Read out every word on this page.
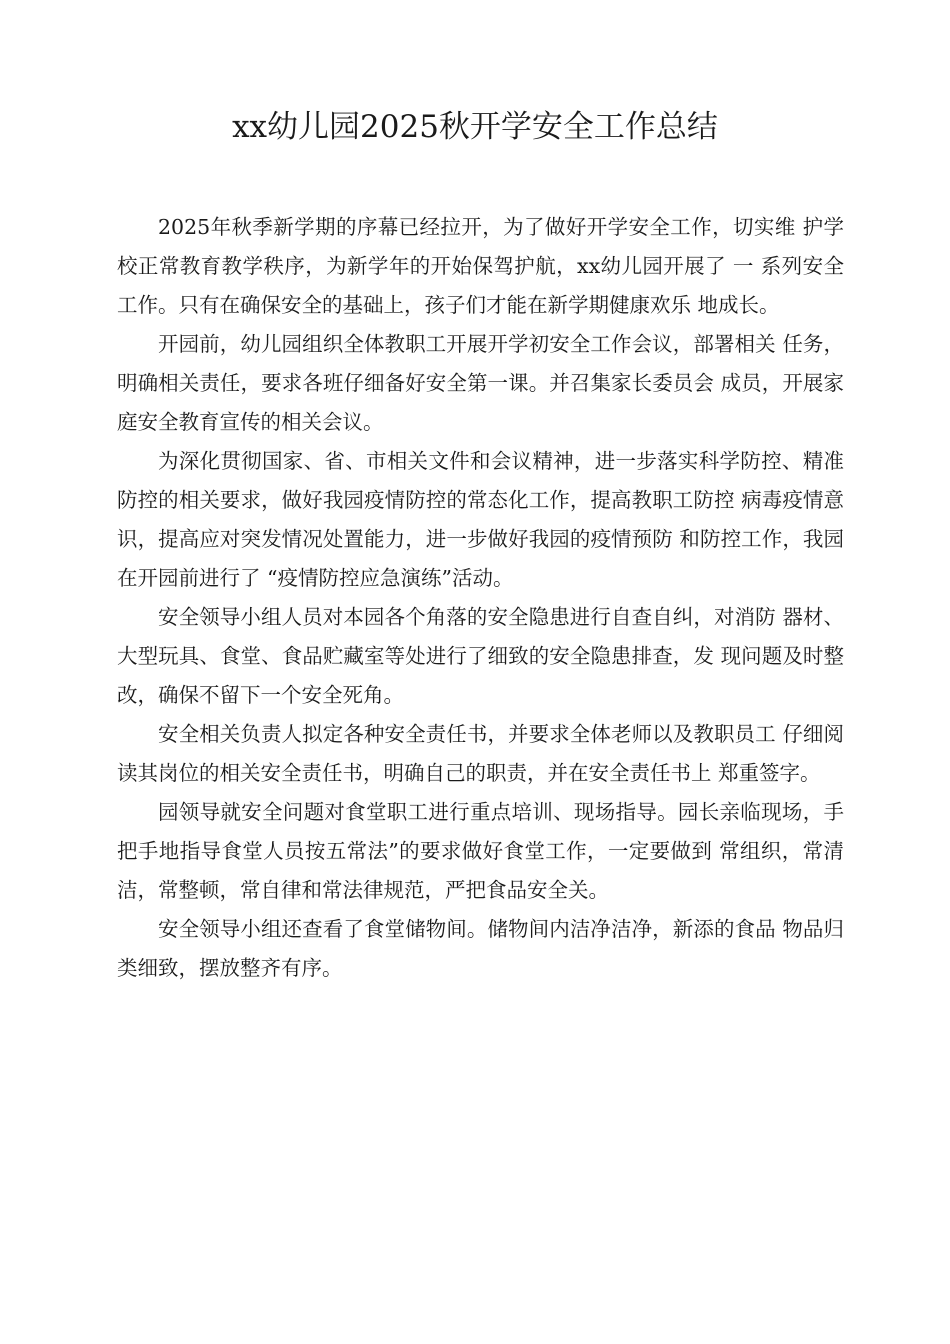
xx幼儿园2025秋开学安全工作总结

2025年秋季新学期的序幕已经拉开，为了做好开学安全工作，切实维 护学校正常教育教学秩序，为新学年的开始保驾护航，xx幼儿园开展了 一 系列安全工作。只有在确保安全的基础上，孩子们才能在新学期健康欢乐 地成长。

开园前，幼儿园组织全体教职工开展开学初安全工作会议，部署相关 任务，明确相关责任，要求各班仔细备好安全第一课。并召集家长委员会 成员，开展家庭安全教育宣传的相关会议。

为深化贯彻国家、省、市相关文件和会议精神，进一步落实科学防控、精准防控的相关要求，做好我园疫情防控的常态化工作，提高教职工防控 病毒疫情意识，提高应对突发情况处置能力，进一步做好我园的疫情预防 和防控工作，我园在开园前进行了 “疫情防控应急演练”活动。

安全领导小组人员对本园各个角落的安全隐患进行自查自纠，对消防 器材、大型玩具、食堂、食品贮藏室等处进行了细致的安全隐患排查，发 现问题及时整改，确保不留下一个安全死角。

安全相关负责人拟定各种安全责任书，并要求全体老师以及教职员工 仔细阅读其岗位的相关安全责任书，明确自己的职责，并在安全责任书上 郑重签字。

园领导就安全问题对食堂职工进行重点培训、现场指导。园长亲临现场，手把手地指导食堂人员按五常法”的要求做好食堂工作，一定要做到 常组织，常清洁，常整顿，常自律和常法律规范，严把食品安全关。

安全领导小组还查看了食堂储物间。储物间内洁净洁净，新添的食品 物品归类细致，摆放整齐有序。
